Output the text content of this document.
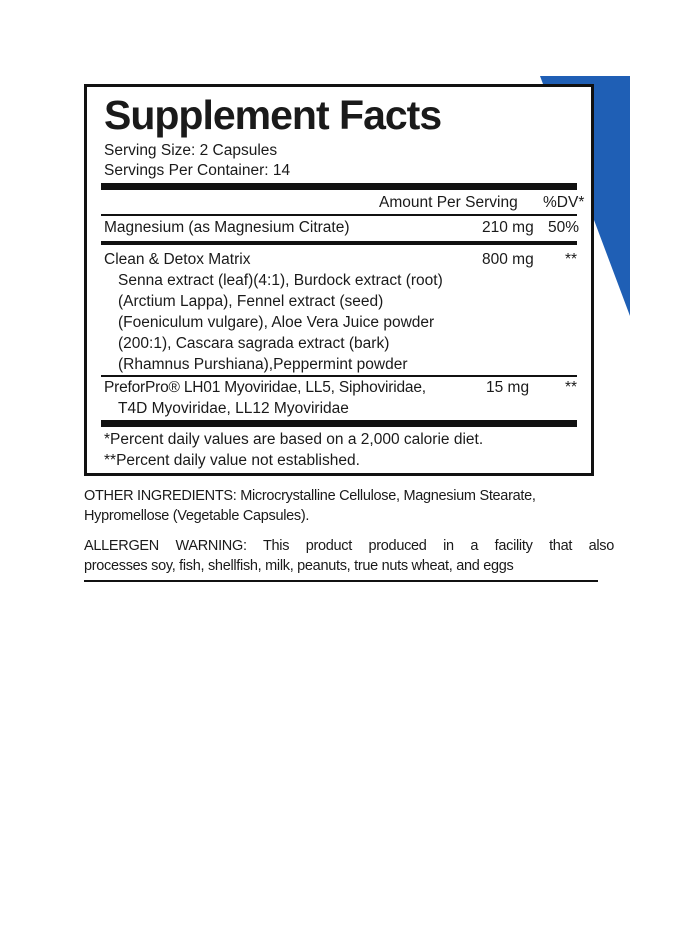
Supplement Facts
Serving Size: 2 Capsules
Servings Per Container: 14
Amount Per Serving %DV*
Magnesium (as Magnesium Citrate)	210 mg 50%
Clean & Detox Matrix	800 mg **
Senna extract (leaf)(4:1), Burdock extract (root)
(Arctium Lappa), Fennel extract (seed)
(Foeniculum vulgare), Aloe Vera Juice powder
(200:1), Cascara sagrada extract (bark)
(Rhamnus Purshiana),Peppermint powder
PreforPro® LH01 Myoviridae, LL5, Siphoviridae,	15 mg **
T4D Myoviridae, LL12 Myoviridae
*Percent daily values are based on a 2,000 calorie diet.
**Percent daily value not established.
OTHER INGREDIENTS: Microcrystalline Cellulose, Magnesium Stearate,
Hypromellose (Vegetable Capsules).
ALLERGEN WARNING: This product produced in a facility that also
processes soy, fish, shellfish, milk, peanuts, true nuts wheat, and eggs
